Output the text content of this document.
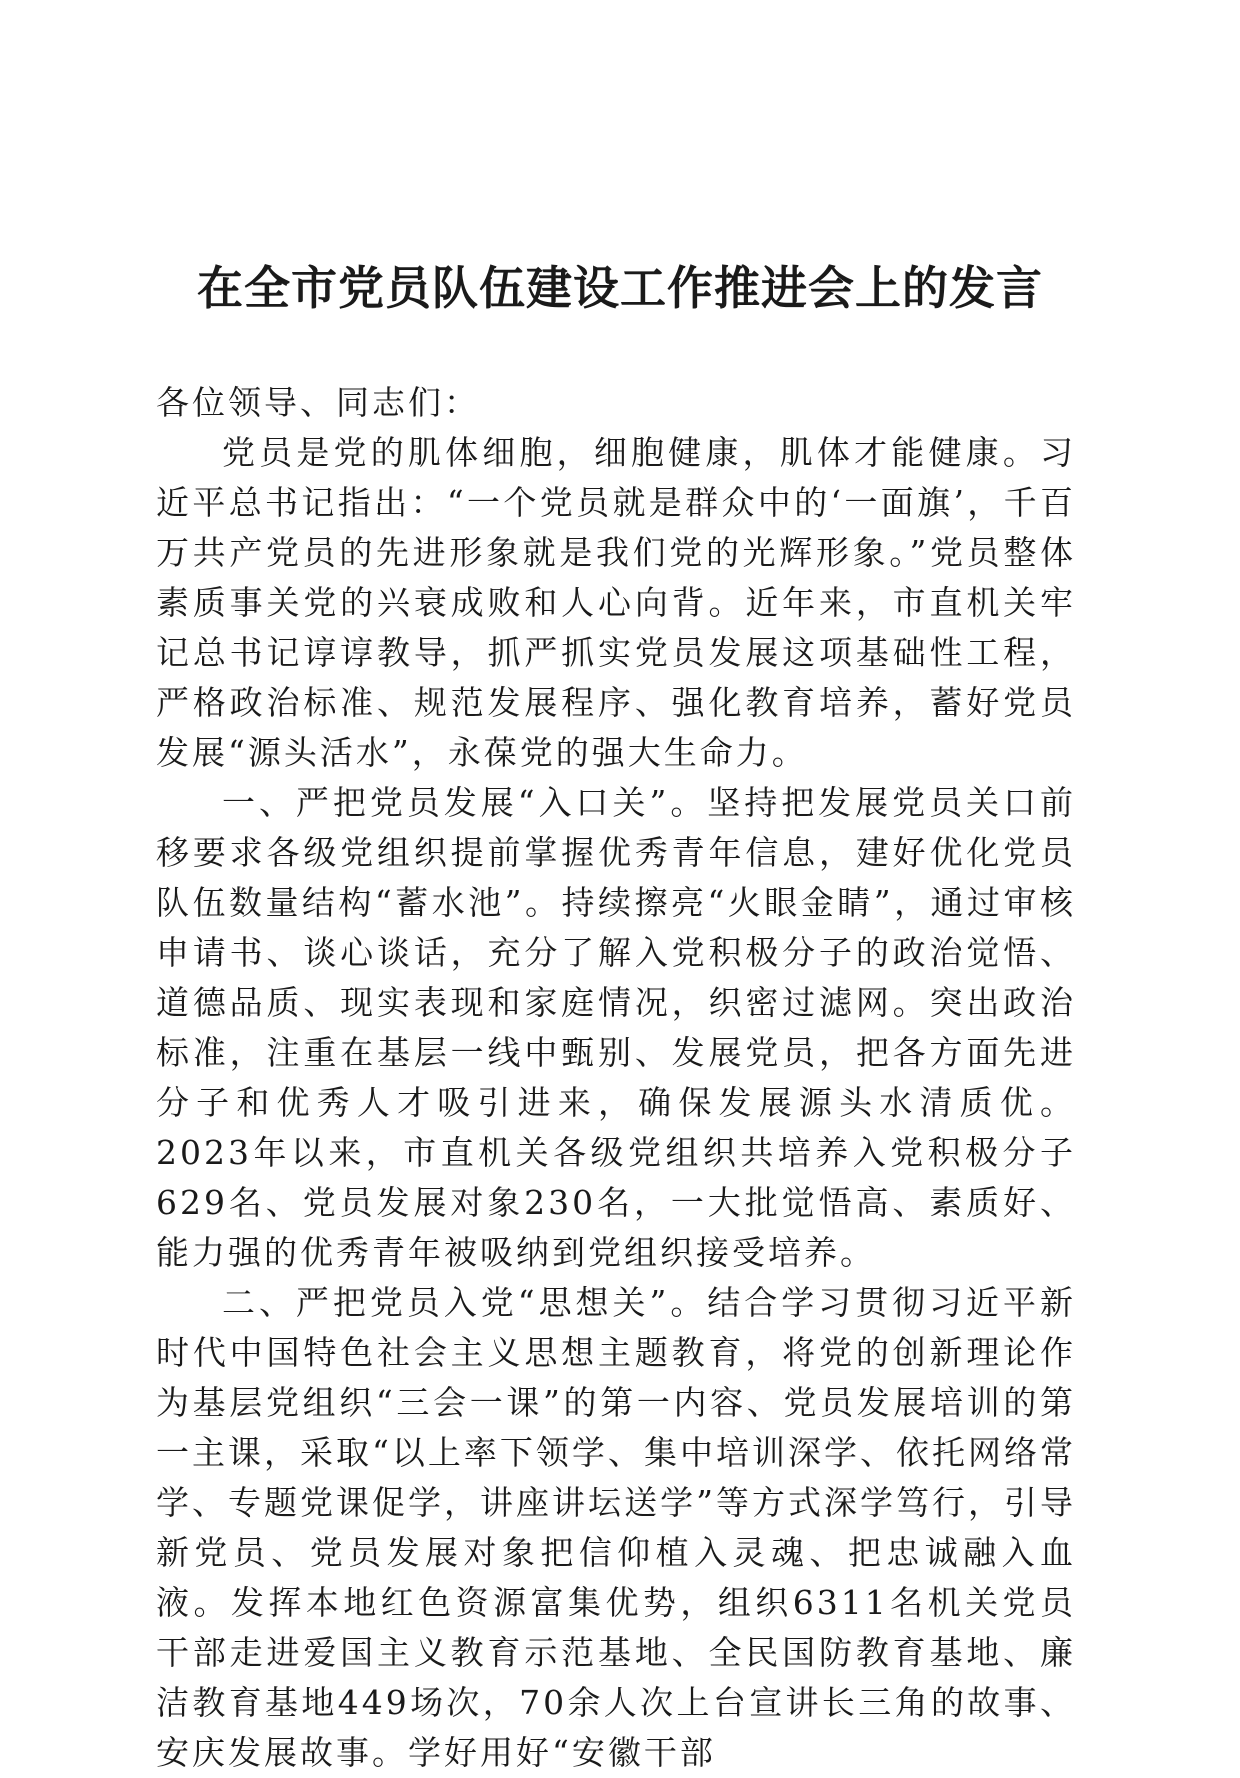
在全市党员队伍建设工作推进会上的发言

各位领导、同志们：

党员是党的肌体细胞，细胞健康，肌体才能健康。习近平总书记指出：“一个党员就是群众中的‘一面旗’，千百万共产党员的先进形象就是我们党的光辉形象。”党员整体素质事关党的兴衰成败和人心向背。近年来，市直机关牢记总书记谆谆教导，抓严抓实党员发展这项基础性工程，严格政治标准、规范发展程序、强化教育培养，蓄好党员发展“源头活水”，永葆党的强大生命力。

一、严把党员发展“入口关”。坚持把发展党员关口前移要求各级党组织提前掌握优秀青年信息，建好优化党员队伍数量结构“蓄水池”。持续擦亮“火眼金睛”，通过审核申请书、谈心谈话，充分了解入党积极分子的政治觉悟、道德品质、现实表现和家庭情况，织密过滤网。突出政治标准，注重在基层一线中甄别、发展党员，把各方面先进分子和优秀人才吸引进来，确保发展源头水清质优。2023年以来，市直机关各级党组织共培养入党积极分子629名、党员发展对象230名，一大批觉悟高、素质好、能力强的优秀青年被吸纳到党组织接受培养。

二、严把党员入党“思想关”。结合学习贯彻习近平新时代中国特色社会主义思想主题教育，将党的创新理论作为基层党组织“三会一课”的第一内容、党员发展培训的第一主课，采取“以上率下领学、集中培训深学、依托网络常学、专题党课促学，讲座讲坛送学”等方式深学笃行，引导新党员、党员发展对象把信仰植入灵魂、把忠诚融入血液。发挥本地红色资源富集优势，组织6311名机关党员干部走进爱国主义教育示范基地、全民国防教育基地、廉洁教育基地449场次，70余人次上台宣讲长三角的故事、安庆发展故事。学好用好“安徽干部
